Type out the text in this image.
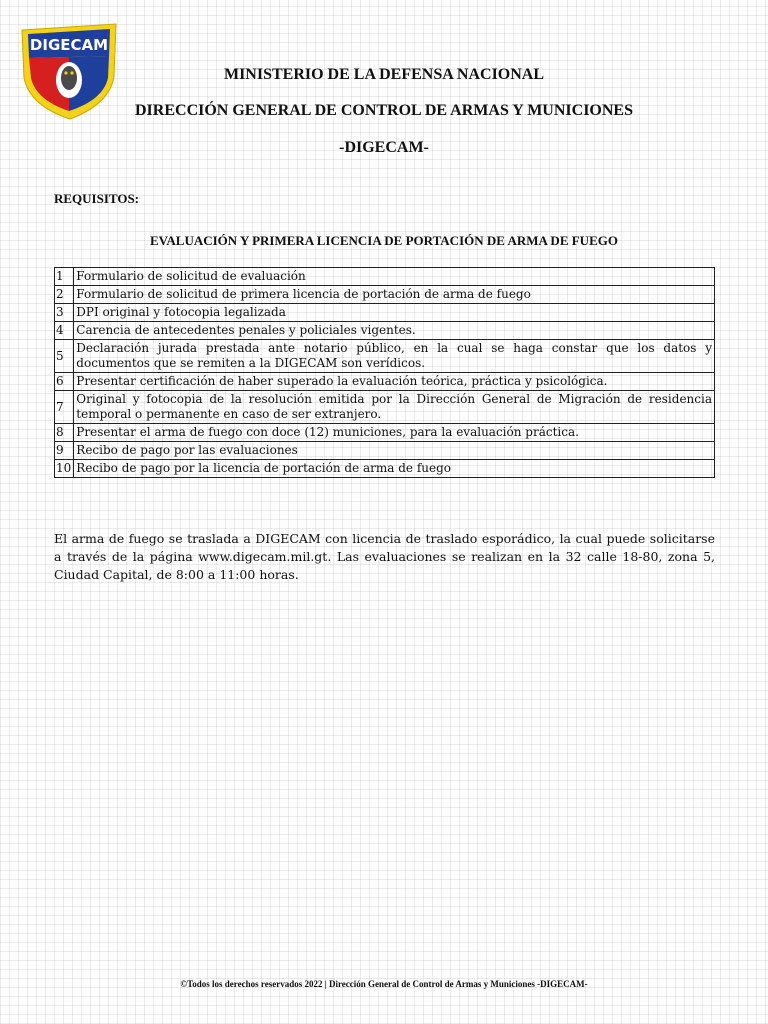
DIGECAM
MINISTERIO DE LA DEFENSA NACIONAL
DIRECCIÓN GENERAL DE CONTROL DE ARMAS Y MUNICIONES
-DIGECAM-
REQUISITOS:
EVALUACIÓN Y PRIMERA LICENCIA DE PORTACIÓN DE ARMA DE FUEGO
1	Formulario de solicitud de evaluación
2	Formulario de solicitud de primera licencia de portación de arma de fuego
3	DPI original y fotocopia legalizada
4	Carencia de antecedentes penales y policiales vigentes.
5	Declaración jurada prestada ante notario público, en la cual se haga constar que los datos y documentos que se remiten a la DIGECAM son verídicos.
6	Presentar certificación de haber superado la evaluación teórica, práctica y psicológica.
7	Original y fotocopia de la resolución emitida por la Dirección General de Migración de residencia temporal o permanente en caso de ser extranjero.
8	Presentar el arma de fuego con doce (12) municiones, para la evaluación práctica.
9	Recibo de pago por las evaluaciones
10	Recibo de pago por la licencia de portación de arma de fuego
El arma de fuego se traslada a DIGECAM con licencia de traslado esporádico, la cual puede solicitarse a través de la página www.digecam.mil.gt. Las evaluaciones se realizan en la 32 calle 18-80, zona 5, Ciudad Capital, de 8:00 a 11:00 horas.
©Todos los derechos reservados 2022 | Dirección General de Control de Armas y Municiones -DIGECAM-
